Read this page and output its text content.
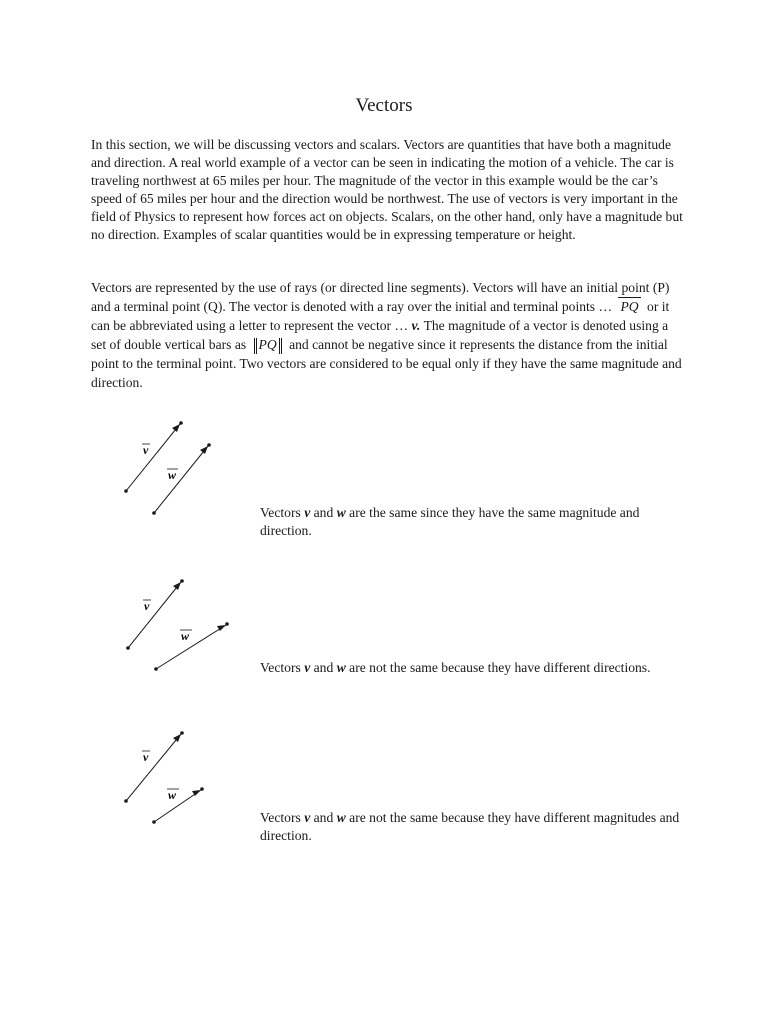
Vectors
In this section, we will be discussing vectors and scalars. Vectors are quantities that have both a magnitude and direction. A real world example of a vector can be seen in indicating the motion of a vehicle. The car is traveling northwest at 65 miles per hour. The magnitude of the vector in this example would be the car’s speed of 65 miles per hour and the direction would be northwest. The use of vectors is very important in the field of Physics to represent how forces act on objects. Scalars, on the other hand, only have a magnitude but no direction. Examples of scalar quantities would be in expressing temperature or height.
Vectors are represented by the use of rays (or directed line segments). Vectors will have an initial point (P) and a terminal point (Q). The vector is denoted with a ray over the initial and terminal points … PQ or it can be abbreviated using a letter to represent the vector … v. The magnitude of a vector is denoted using a set of double vertical bars as PQ and cannot be negative since it represents the distance from the initial point to the terminal point. Two vectors are considered to be equal only if they have the same magnitude and direction.
v
w
Vectors v and w are the same since they have the same magnitude and direction.
v
w
Vectors v and w are not the same because they have different directions.
v
w
Vectors v and w are not the same because they have different magnitudes and direction.
